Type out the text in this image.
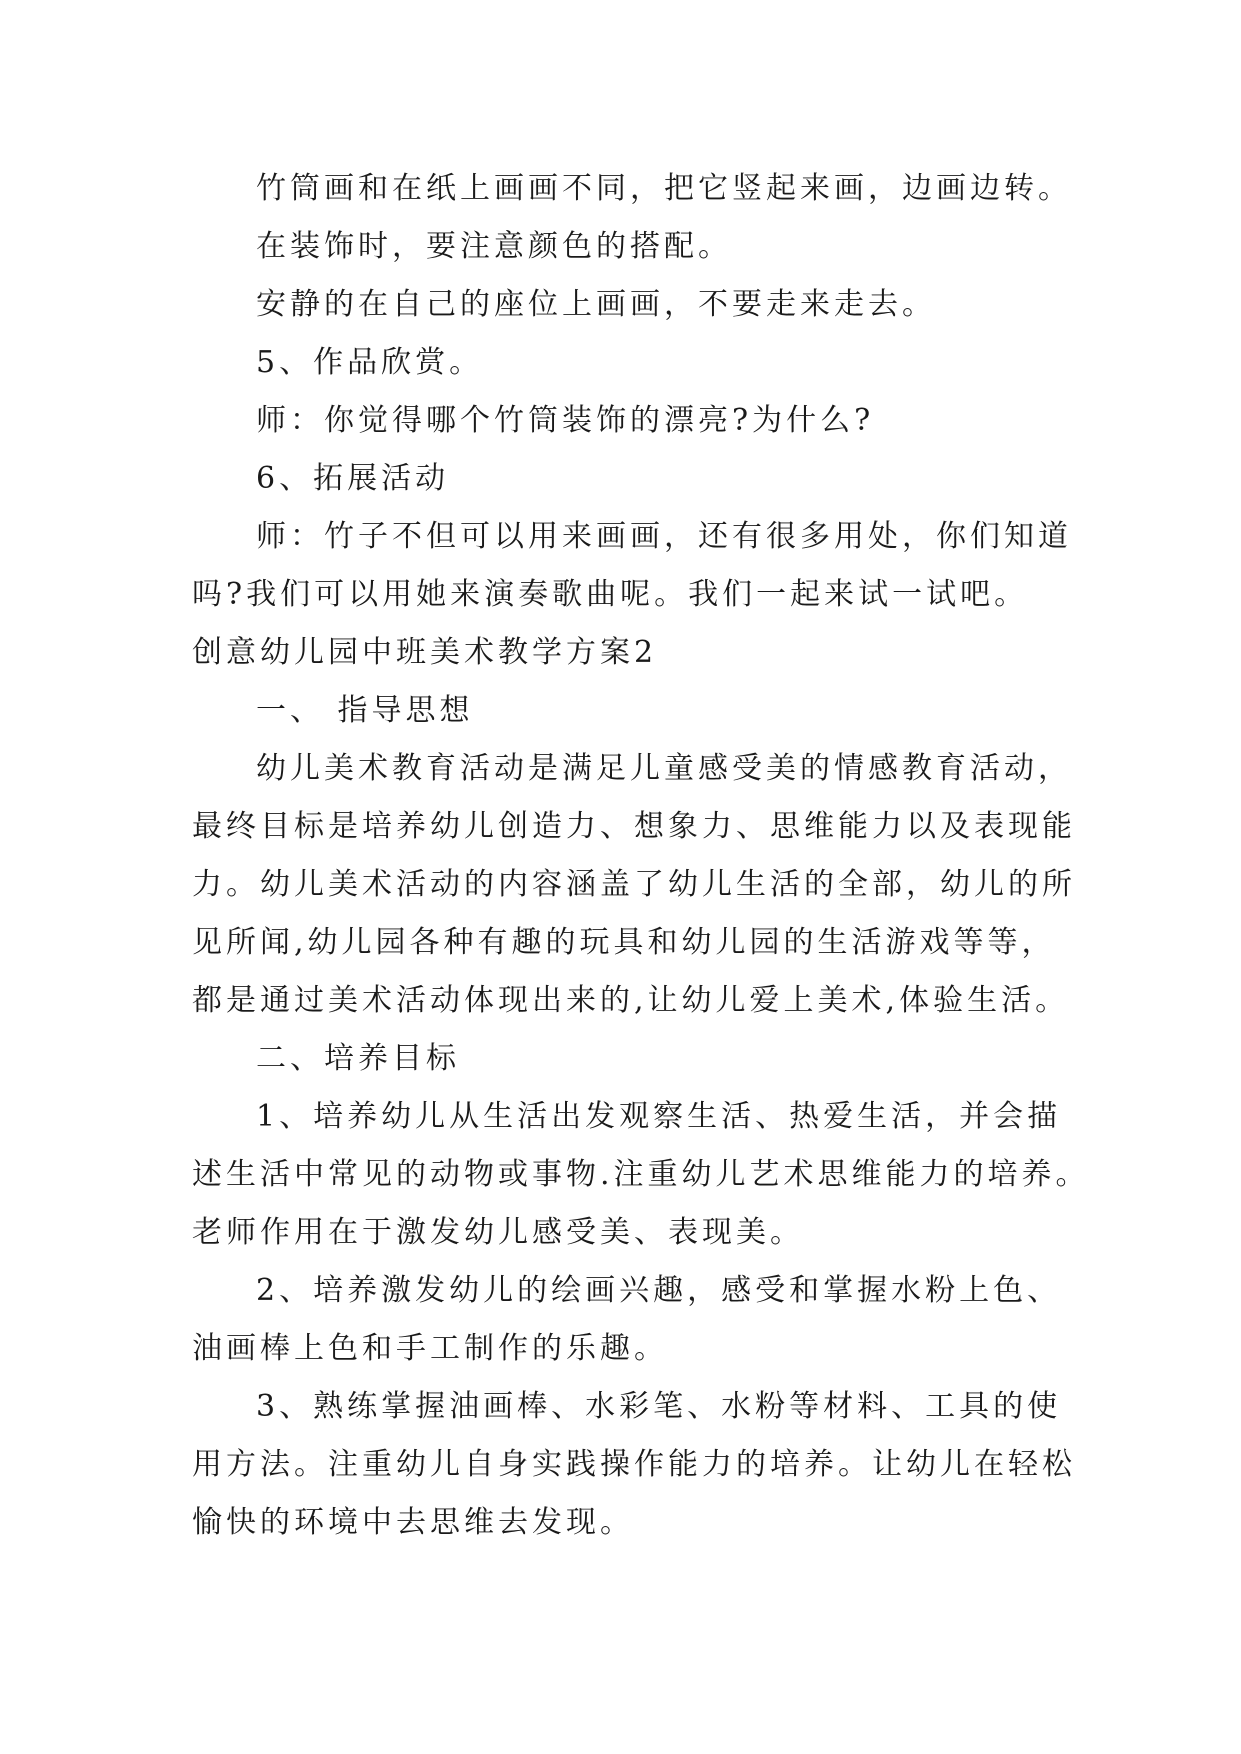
竹筒画和在纸上画画不同，把它竖起来画，边画边转。
在装饰时，要注意颜色的搭配。
安静的在自己的座位上画画，不要走来走去。
5、作品欣赏。
师：你觉得哪个竹筒装饰的漂亮?为什么?
6、拓展活动
师：竹子不但可以用来画画，还有很多用处，你们知道
吗?我们可以用她来演奏歌曲呢。我们一起来试一试吧。
创意幼儿园中班美术教学方案2
一、 指导思想
幼儿美术教育活动是满足儿童感受美的情感教育活动，
最终目标是培养幼儿创造力、想象力、思维能力以及表现能
力。幼儿美术活动的内容涵盖了幼儿生活的全部，幼儿的所
见所闻,幼儿园各种有趣的玩具和幼儿园的生活游戏等等，
都是通过美术活动体现出来的,让幼儿爱上美术,体验生活。
二、培养目标
1、培养幼儿从生活出发观察生活、热爱生活，并会描
述生活中常见的动物或事物.注重幼儿艺术思维能力的培养。
老师作用在于激发幼儿感受美、表现美。
2、培养激发幼儿的绘画兴趣，感受和掌握水粉上色、
油画棒上色和手工制作的乐趣。
3、熟练掌握油画棒、水彩笔、水粉等材料、工具的使
用方法。注重幼儿自身实践操作能力的培养。让幼儿在轻松
愉快的环境中去思维去发现。
